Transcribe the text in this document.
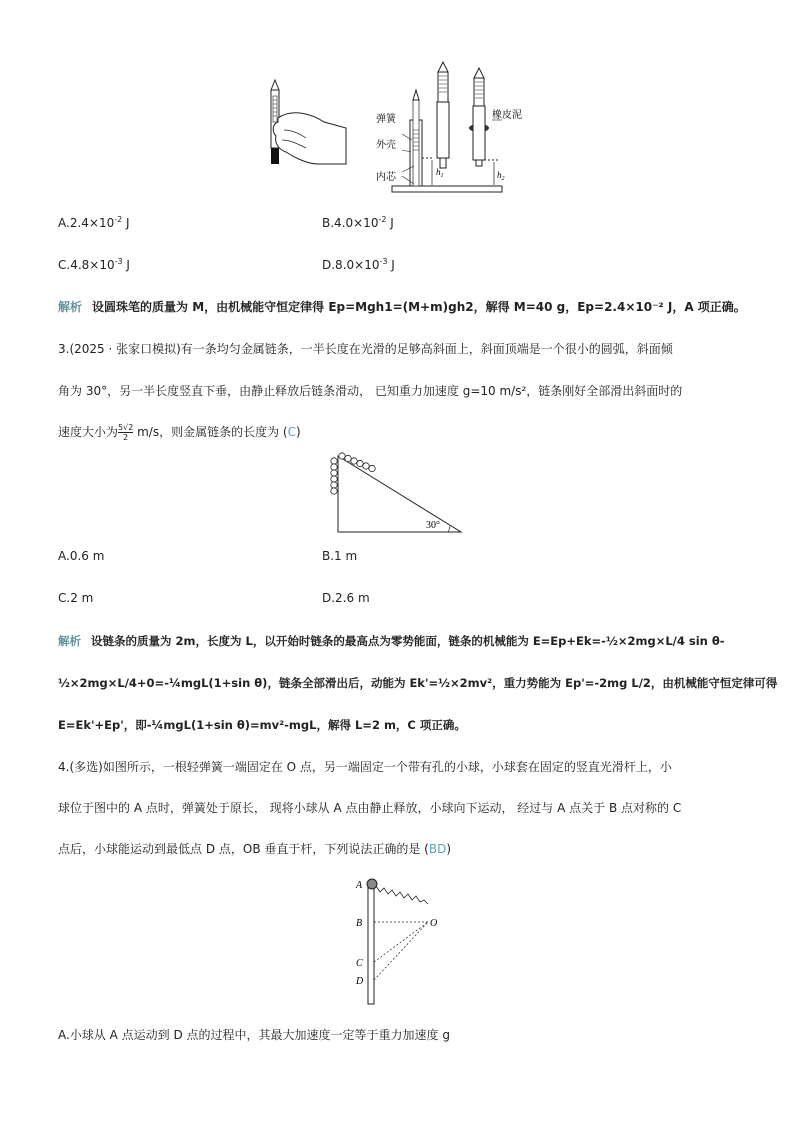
弹簧
外壳
内芯
橡皮泥
$h_1$	$h_2$
$A.2.4\times 10^{-2}$ J	$B.4.0\times 10^{-2}$ J
$C.4.8\times 10^{-3}$ J	$D.8.0\times 10^{-3}$ J
解析 设圆珠笔的质量为 M，由机械能守恒定律得 Ep=Mgh1=(M+m)gh2，解得 M=40 g，Ep=2.4×10⁻² J，A 项正确。
3.(2025 · 张家口模拟)有一条均匀金属链条，一半长度在光滑的足够高斜面上，斜面顶端是一个很小的圆弧，斜面倾
角为 30°，另一半长度竖直下垂，由静止释放后链条滑动， 已知重力加速度 g=10 m/s²，链条刚好全部滑出斜面时的
速度大小为 $\frac{5√2}{2} m/s$，则金属链条的长度为 (C)
30°
A.0.6 m	B.1 m
C.2 m	D.2.6 m
解析 设链条的质量为 2m，长度为 L，以开始时链条的最高点为零势能面，链条的机械能为 E=Ep+Ek=-½×2mg×L/4 sin θ-
½×2mg×L/4+0=-¼mgL(1+sin θ)，链条全部滑出后，动能为 Ek'=½×2mv²，重力势能为 Ep'=-2mg L/2，由机械能守恒定律可得
E=Ek'+Ep'，即-¼mgL(1+sin θ)=mv²-mgL，解得 L=2 m，C 项正确。
4.(多选)如图所示，一根轻弹簧一端固定在 O 点，另一端固定一个带有孔的小球，小球套在固定的竖直光滑杆上，小
球位于图中的 A 点时，弹簧处于原长， 现将小球从 A 点由静止释放，小球向下运动， 经过与 A 点关于 B 点对称的 C
点后，小球能运动到最低点 D 点，OB 垂直于杆，下列说法正确的是 (BD)
A
B
C
D
O
A.小球从 A 点运动到 D 点的过程中，其最大加速度一定等于重力加速度 g
